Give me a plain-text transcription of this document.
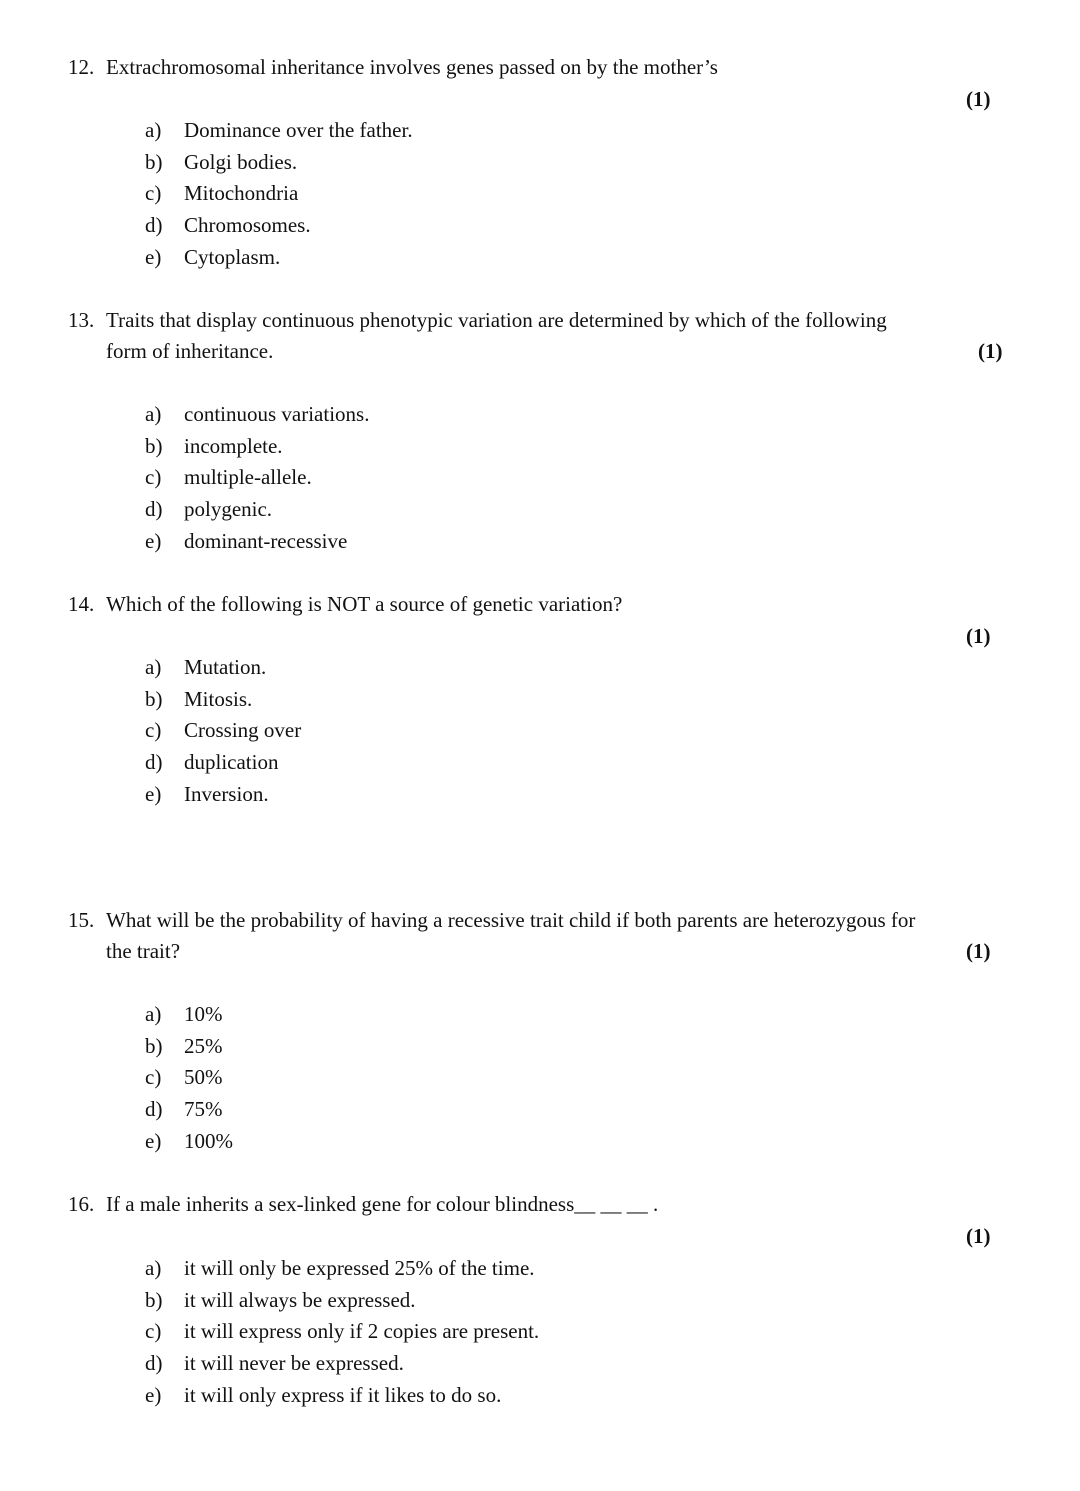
12. Extrachromosomal inheritance involves genes passed on by the mother’s
(1)
a) Dominance over the father.
b) Golgi bodies.
c) Mitochondria
d) Chromosomes.
e) Cytoplasm.
13. Traits that display continuous phenotypic variation are determined by which of the following
form of inheritance.	(1)
a) continuous variations.
b) incomplete.
c) multiple-allele.
d) polygenic.
e) dominant-recessive
14. Which of the following is NOT a source of genetic variation?
(1)
a) Mutation.
b) Mitosis.
c) Crossing over
d) duplication
e) Inversion.
15. What will be the probability of having a recessive trait child if both parents are heterozygous for
the trait?	(1)
a) 10%
b) 25%
c) 50%
d) 75%
e) 100%
16. If a male inherits a sex-linked gene for colour blindness__ __ __ .
(1)
a) it will only be expressed 25% of the time.
b) it will always be expressed.
c) it will express only if 2 copies are present.
d) it will never be expressed.
e) it will only express if it likes to do so.
